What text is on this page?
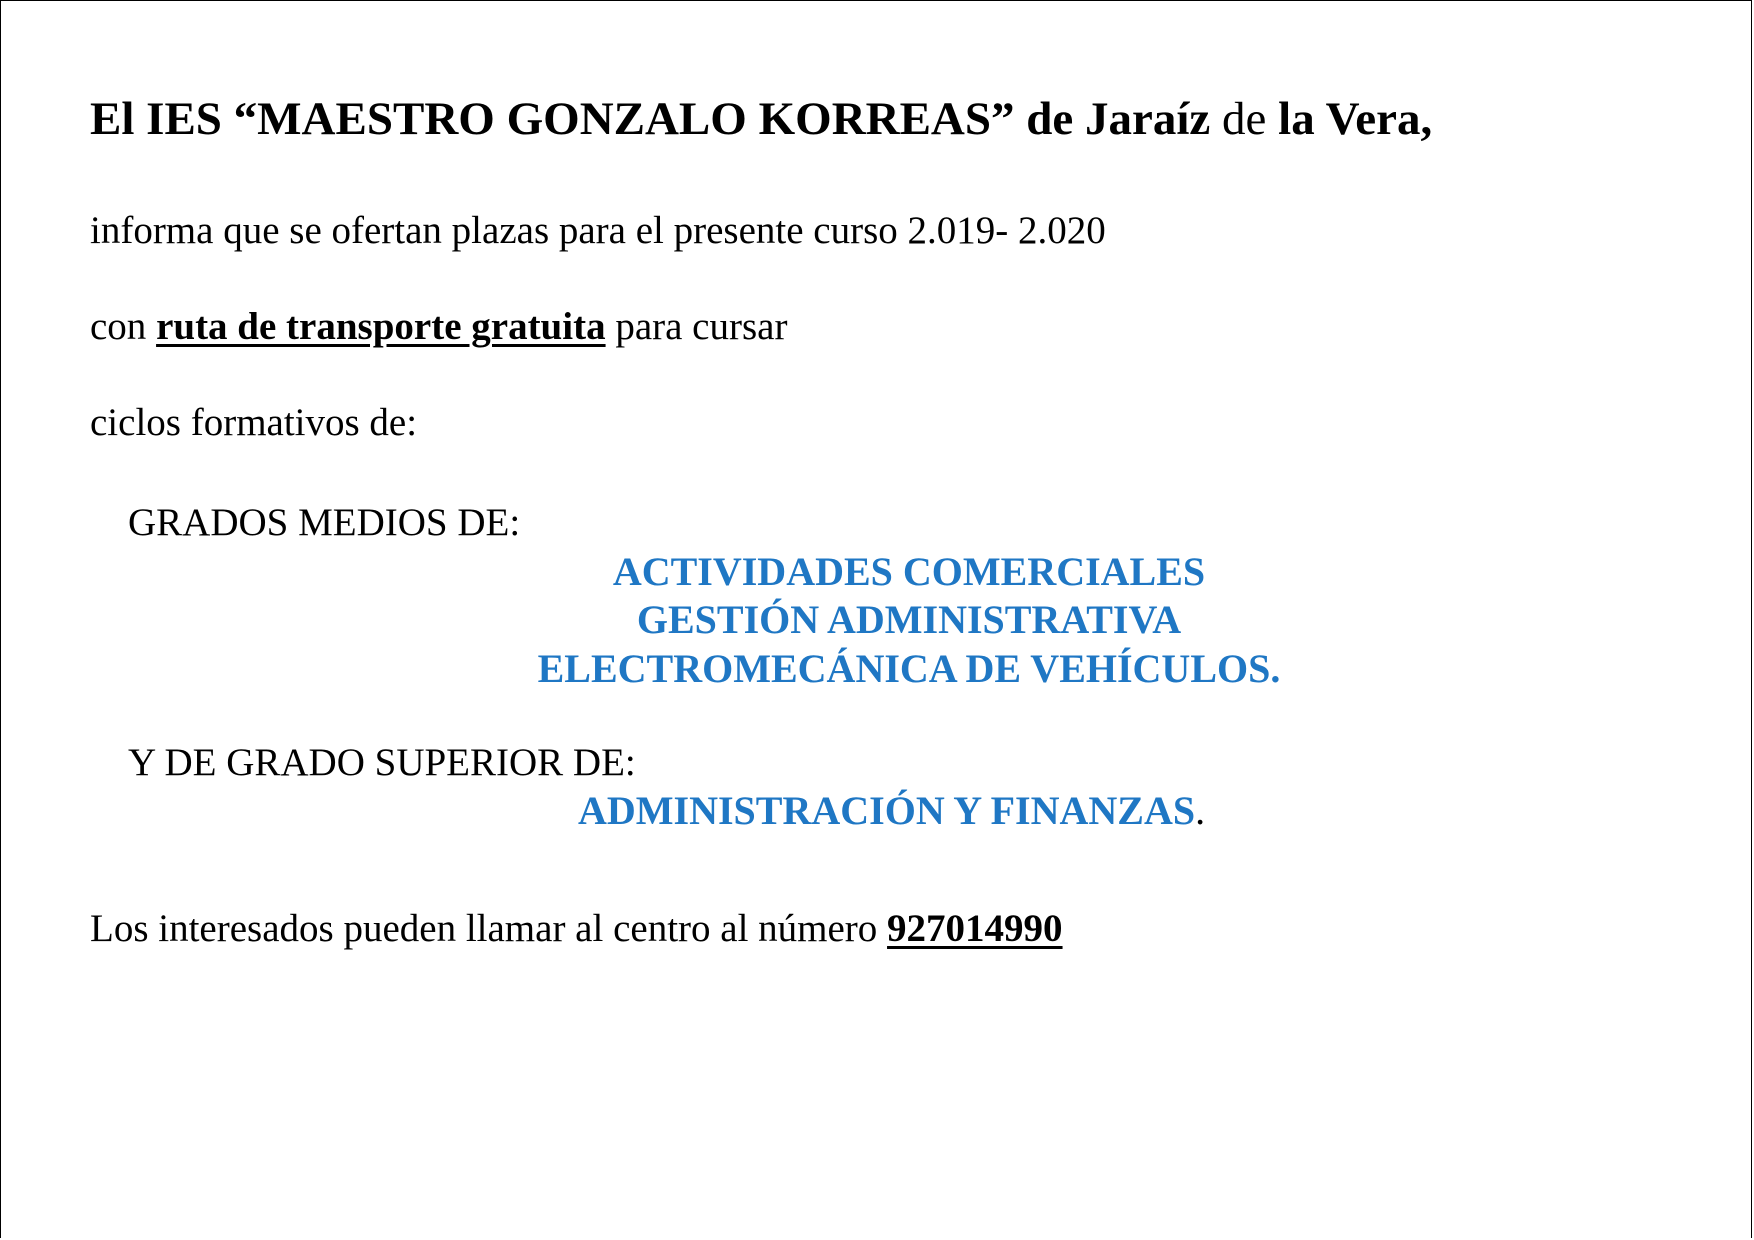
El IES “MAESTRO GONZALO KORREAS” de Jaraíz de la Vera,
informa que se ofertan plazas para el presente curso 2.019- 2.020
con ruta de transporte gratuita para cursar
ciclos formativos de:
GRADOS MEDIOS DE:
ACTIVIDADES COMERCIALES
GESTIÓN ADMINISTRATIVA
ELECTROMECÁNICA DE VEHÍCULOS.
Y DE GRADO SUPERIOR DE:
ADMINISTRACIÓN Y FINANZAS.
Los interesados pueden llamar al centro al número 927014990
